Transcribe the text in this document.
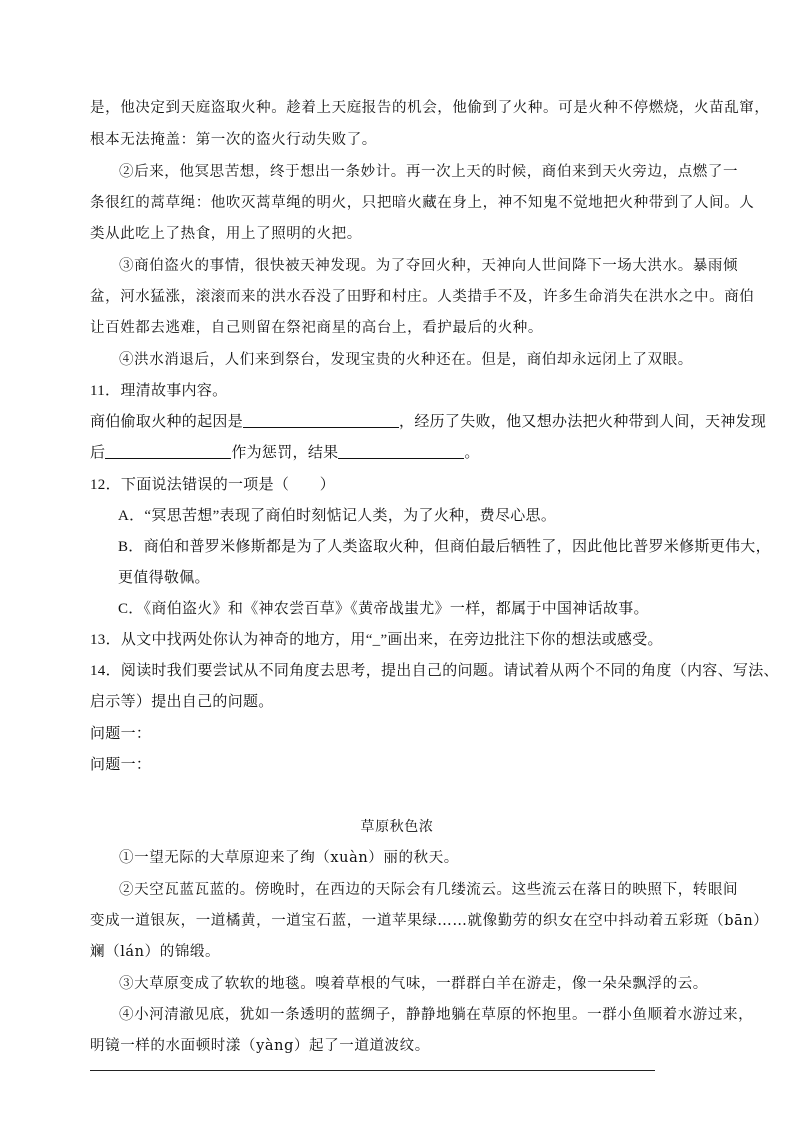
是，他决定到天庭盗取火种。趁着上天庭报告的机会，他偷到了火种。可是火种不停燃烧，火苗乱窜，
根本无法掩盖：第一次的盗火行动失败了。
②后来，他冥思苦想，终于想出一条妙计。再一次上天的时候，商伯来到天火旁边，点燃了一
条很红的蒿草绳：他吹灭蒿草绳的明火，只把暗火藏在身上，神不知鬼不觉地把火种带到了人间。人
类从此吃上了热食，用上了照明的火把。
③商伯盗火的事情，很快被天神发现。为了夺回火种，天神向人世间降下一场大洪水。暴雨倾
盆，河水猛涨，滚滚而来的洪水吞没了田野和村庄。人类措手不及，许多生命消失在洪水之中。商伯
让百姓都去逃难，自己则留在祭祀商星的高台上，看护最后的火种。
④洪水消退后，人们来到祭台，发现宝贵的火种还在。但是，商伯却永远闭上了双眼。
11．理清故事内容。
商伯偷取火种的起因是	，经历了失败，他又想办法把火种带到人间，天神发现
后	作为惩罚，结果	。
12．下面说法错误的一项是（　　）
A．“冥思苦想”表现了商伯时刻惦记人类，为了火种，费尽心思。
B．商伯和普罗米修斯都是为了人类盗取火种，但商伯最后牺牲了，因此他比普罗米修斯更伟大，
更值得敬佩。
C．《商伯盗火》和《神农尝百草》《黄帝战蚩尤》一样，都属于中国神话故事。
13．从文中找两处你认为神奇的地方，用“_”画出来，在旁边批注下你的想法或感受。
14．阅读时我们要尝试从不同角度去思考，提出自己的问题。请试着从两个不同的角度（内容、写法、
启示等）提出自己的问题。
问题一：
问题一：
草原秋色浓
①一望无际的大草原迎来了绚（xuàn）丽的秋天。
②天空瓦蓝瓦蓝的。傍晚时，在西边的天际会有几缕流云。这些流云在落日的映照下，转眼间
变成一道银灰，一道橘黄，一道宝石蓝，一道苹果绿……就像勤劳的织女在空中抖动着五彩斑（bān）
斓（lán）的锦缎。
③大草原变成了软软的地毯。嗅着草根的气味，一群群白羊在游走，像一朵朵飘浮的云。
④小河清澈见底，犹如一条透明的蓝绸子，静静地躺在草原的怀抱里。一群小鱼顺着水游过来，
明镜一样的水面顿时漾（yàng）起了一道道波纹。
